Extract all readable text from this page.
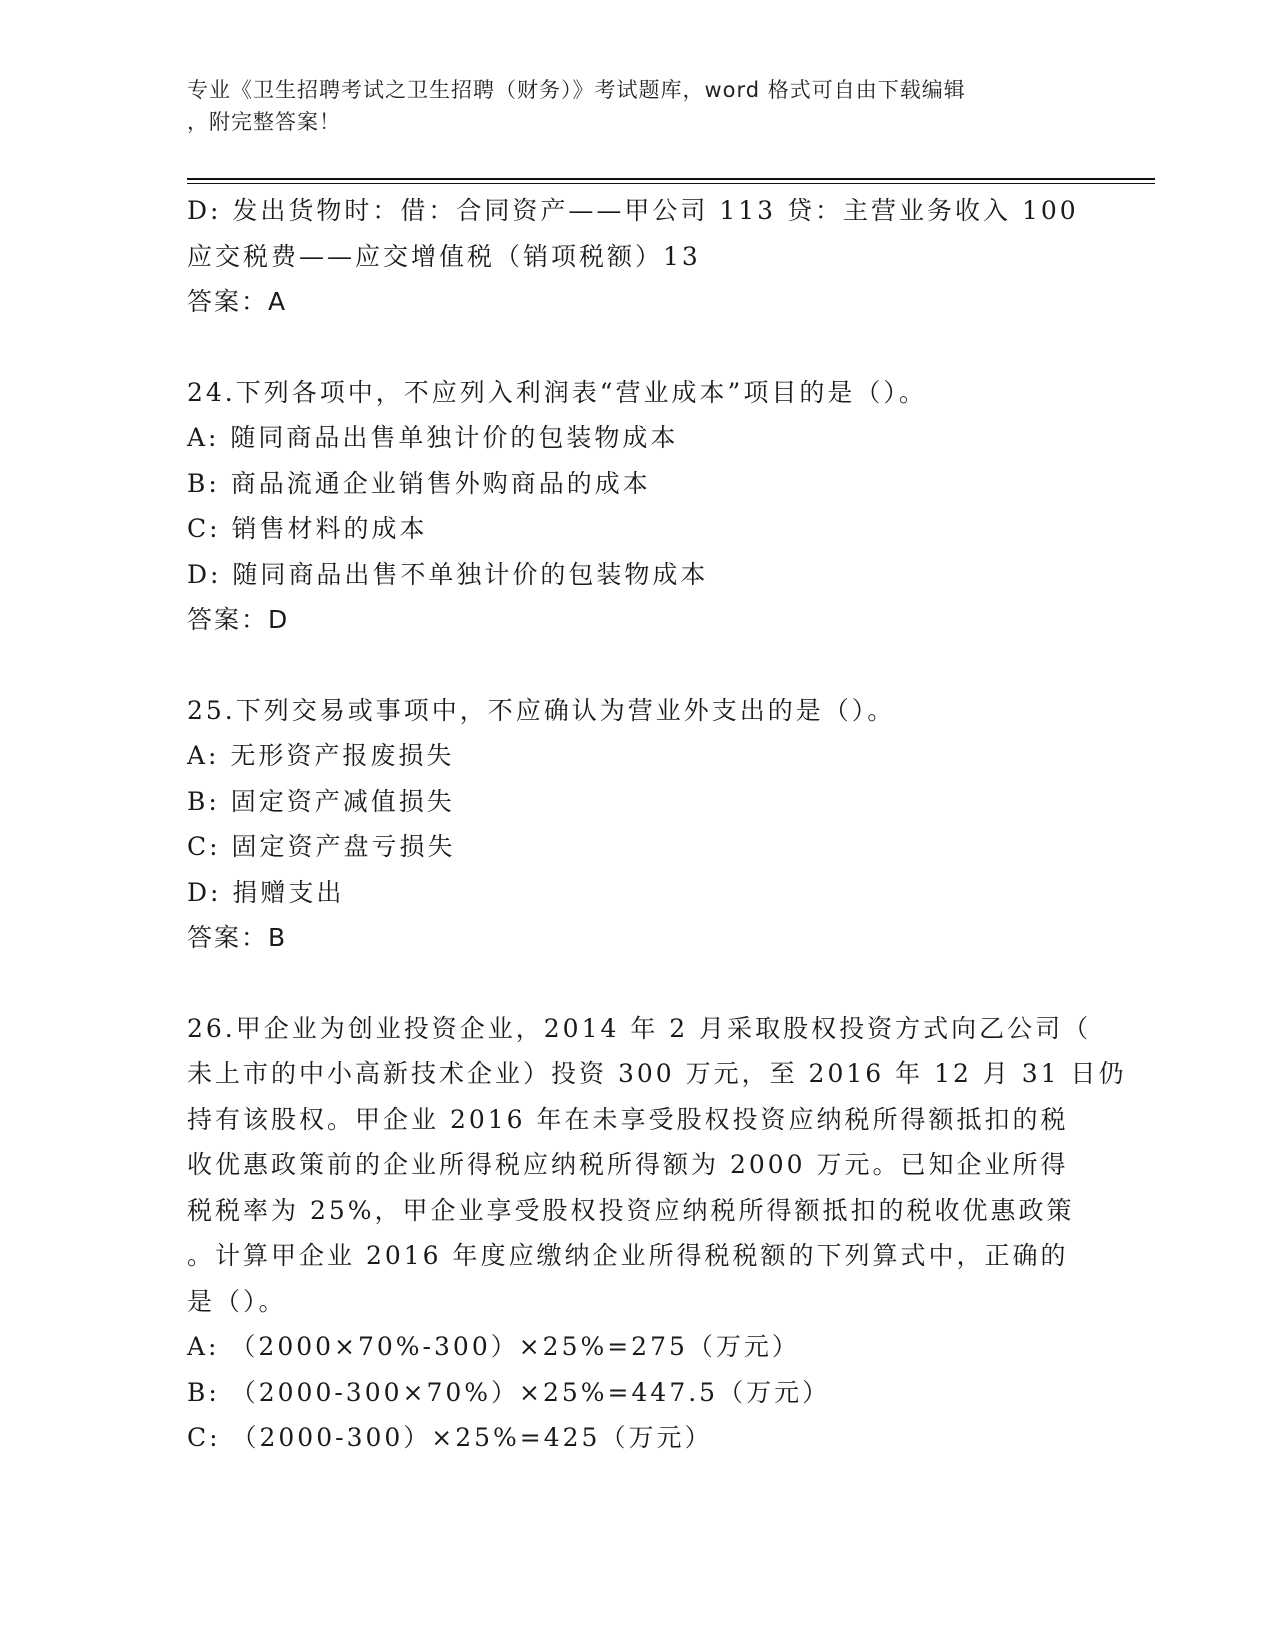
专业《卫生招聘考试之卫生招聘（财务）》考试题库，word 格式可自由下载编辑
，附完整答案！
D: 发出货物时：借：合同资产——甲公司 113 贷：主营业务收入 100
应交税费——应交增值税（销项税额）13
答案：A
24.下列各项中，不应列入利润表“营业成本”项目的是（）。
A: 随同商品出售单独计价的包装物成本
B: 商品流通企业销售外购商品的成本
C: 销售材料的成本
D: 随同商品出售不单独计价的包装物成本
答案：D
25.下列交易或事项中，不应确认为营业外支出的是（）。
A: 无形资产报废损失
B: 固定资产减值损失
C: 固定资产盘亏损失
D: 捐赠支出
答案：B
26.甲企业为创业投资企业，2014 年 2 月采取股权投资方式向乙公司（
未上市的中小高新技术企业）投资 300 万元，至 2016 年 12 月 31 日仍
持有该股权。甲企业 2016 年在未享受股权投资应纳税所得额抵扣的税
收优惠政策前的企业所得税应纳税所得额为 2000 万元。已知企业所得
税税率为 25%，甲企业享受股权投资应纳税所得额抵扣的税收优惠政策
。计算甲企业 2016 年度应缴纳企业所得税税额的下列算式中，正确的
是（）。
A: （2000×70%-300）×25%=275（万元）
B: （2000-300×70%）×25%=447.5（万元）
C: （2000-300）×25%=425（万元）
